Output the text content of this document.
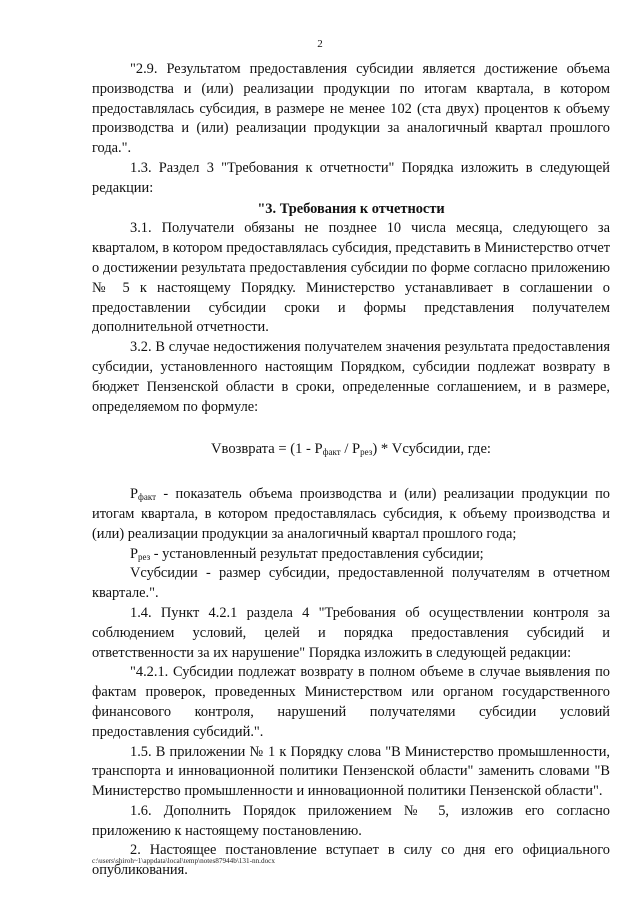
2

"2.9. Результатом предоставления субсидии является достижение объема производства и (или) реализации продукции по итогам квартала, в котором предоставлялась субсидия, в размере не менее 102 (ста двух) процентов к объему производства и (или) реализации продукции за аналогичный квартал прошлого года.".

1.3. Раздел 3 "Требования к отчетности" Порядка изложить в следующей редакции:

"3. Требования к отчетности

3.1. Получатели обязаны не позднее 10 числа месяца, следующего за кварталом, в котором предоставлялась субсидия, представить в Министерство отчет о достижении результата предоставления субсидии по форме согласно приложению № 5 к настоящему Порядку. Министерство устанавливает в соглашении о предоставлении субсидии сроки и формы представления получателем дополнительной отчетности.

3.2. В случае недостижения получателем значения результата предоставления субсидии, установленного настоящим Порядком, субсидии подлежат возврату в бюджет Пензенской области в сроки, определенные соглашением, и в размере, определяемом по формуле:

Vвозврата = $(1 - P_{факт} / P_{рез})$ * Vсубсидии, где:

$P_{факт}$ - показатель объема производства и (или) реализации продукции по итогам квартала, в котором предоставлялась субсидия, к объему производства и (или) реализации продукции за аналогичный квартал прошлого года;

$P_{рез}$ - установленный результат предоставления субсидии;

Vсубсидии - размер субсидии, предоставленной получателям в отчетном квартале.".

1.4. Пункт 4.2.1 раздела 4 "Требования об осуществлении контроля за соблюдением условий, целей и порядка предоставления субсидий и ответственности за их нарушение" Порядка изложить в следующей редакции:

"4.2.1. Субсидии подлежат возврату в полном объеме в случае выявления по фактам проверок, проведенных Министерством или органом государственного финансового контроля, нарушений получателями субсидии условий предоставления субсидий.".

1.5. В приложении № 1 к Порядку слова "В Министерство промышленности, транспорта и инновационной политики Пензенской области" заменить словами "В Министерство промышленности и инновационной политики Пензенской области".

1.6. Дополнить Порядок приложением № 5, изложив его согласно приложению к настоящему постановлению.

2. Настоящее постановление вступает в силу со дня его официального опубликования.

c:\users\shiroh~1\appdata\local\temp\notes87944b\131-nn.docx
